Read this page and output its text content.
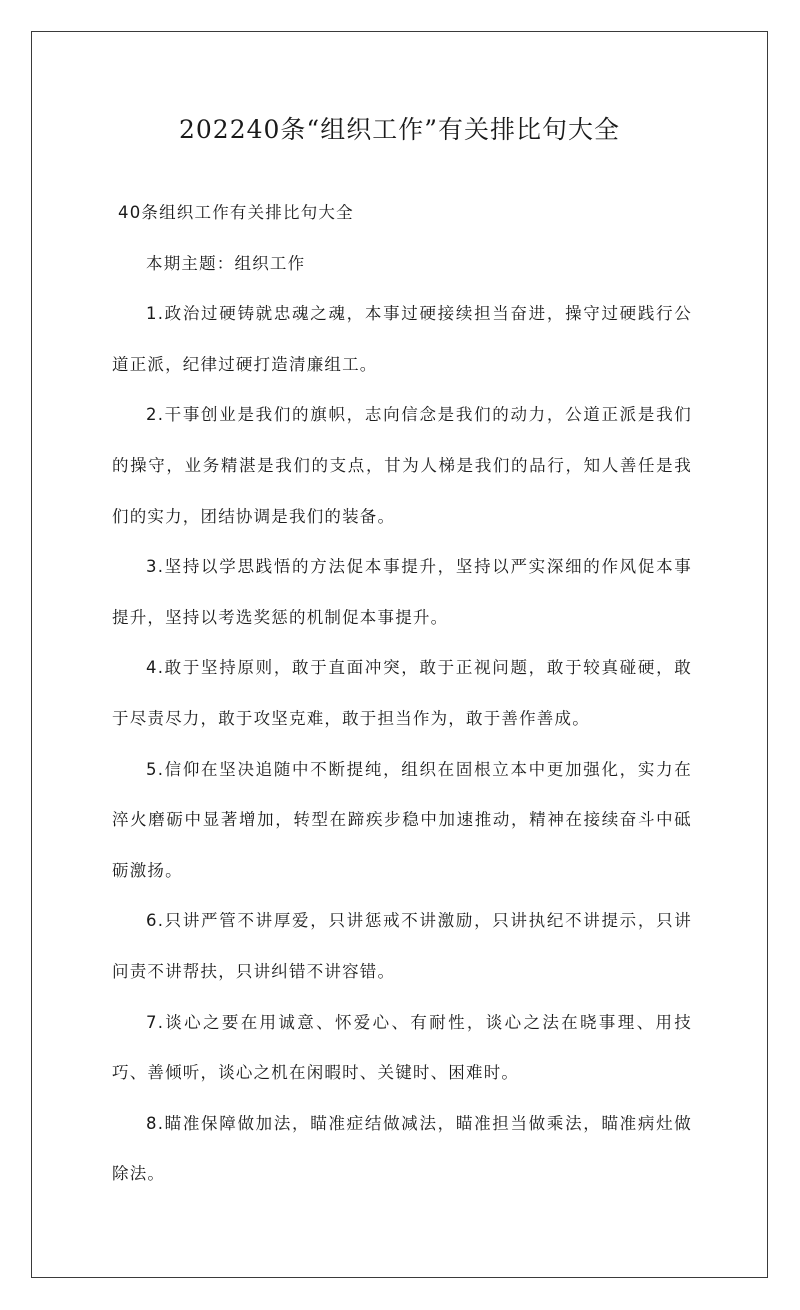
202240条“组织工作”有关排比句大全

40条组织工作有关排比句大全

本期主题：组织工作

1.政治过硬铸就忠魂之魂，本事过硬接续担当奋进，操守过硬践行公道正派，纪律过硬打造清廉组工。

2.干事创业是我们的旗帜，志向信念是我们的动力，公道正派是我们的操守，业务精湛是我们的支点，甘为人梯是我们的品行，知人善任是我们的实力，团结协调是我们的装备。

3.坚持以学思践悟的方法促本事提升，坚持以严实深细的作风促本事提升，坚持以考选奖惩的机制促本事提升。

4.敢于坚持原则，敢于直面冲突，敢于正视问题，敢于较真碰硬，敢于尽责尽力，敢于攻坚克难，敢于担当作为，敢于善作善成。

5.信仰在坚决追随中不断提纯，组织在固根立本中更加强化，实力在淬火磨砺中显著增加，转型在蹄疾步稳中加速推动，精神在接续奋斗中砥砺激扬。

6.只讲严管不讲厚爱，只讲惩戒不讲激励，只讲执纪不讲提示，只讲问责不讲帮扶，只讲纠错不讲容错。

7.谈心之要在用诚意、怀爱心、有耐性，谈心之法在晓事理、用技巧、善倾听，谈心之机在闲暇时、关键时、困难时。

8.瞄准保障做加法，瞄准症结做减法，瞄准担当做乘法，瞄准病灶做除法。
